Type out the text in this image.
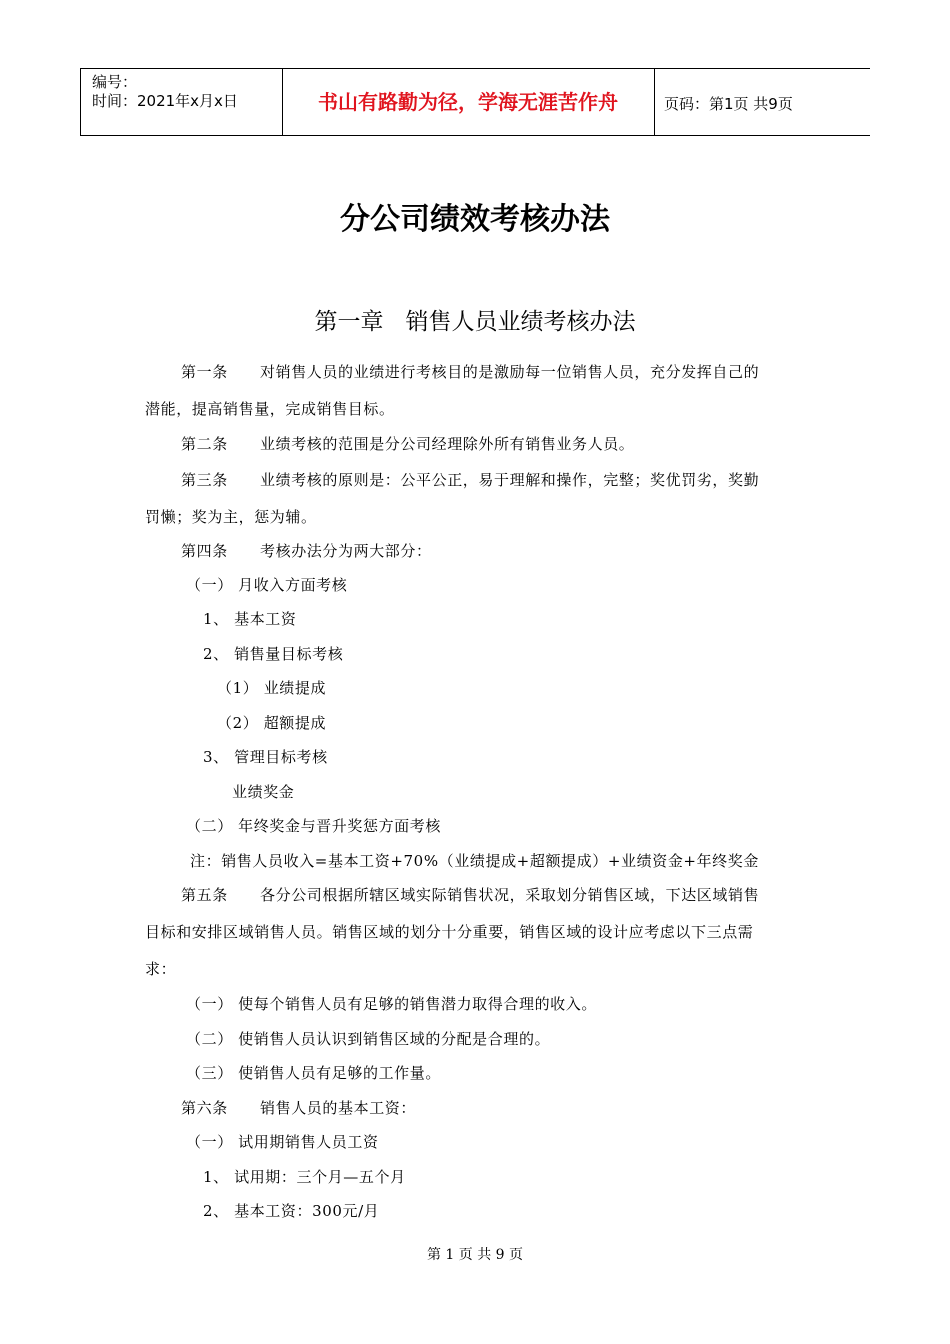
编号：
时间：2021年x月x日	书山有路勤为径，学海无涯苦作舟	页码：第1页 共9页
分公司绩效考核办法
第一章   销售人员业绩考核办法
第一条      对销售人员的业绩进行考核目的是激励每一位销售人员，充分发挥自己的
潜能，提高销售量，完成销售目标。
第二条      业绩考核的范围是分公司经理除外所有销售业务人员。
第三条      业绩考核的原则是：公平公正，易于理解和操作，完整；奖优罚劣，奖勤
罚懒；奖为主，惩为辅。
第四条      考核办法分为两大部分：
（一） 月收入方面考核
1、 基本工资
2、 销售量目标考核
（1） 业绩提成
（2） 超额提成
3、 管理目标考核
业绩奖金
（二） 年终奖金与晋升奖惩方面考核
注：销售人员收入=基本工资+70%（业绩提成+超额提成）+业绩资金+年终奖金
第五条      各分公司根据所辖区域实际销售状况，采取划分销售区域，下达区域销售
目标和安排区域销售人员。销售区域的划分十分重要，销售区域的设计应考虑以下三点需
求：
（一） 使每个销售人员有足够的销售潜力取得合理的收入。
（二） 使销售人员认识到销售区域的分配是合理的。
（三） 使销售人员有足够的工作量。
第六条      销售人员的基本工资：
（一） 试用期销售人员工资
1、 试用期：三个月—五个月
2、 基本工资：300元/月
第 1 页 共 9 页
